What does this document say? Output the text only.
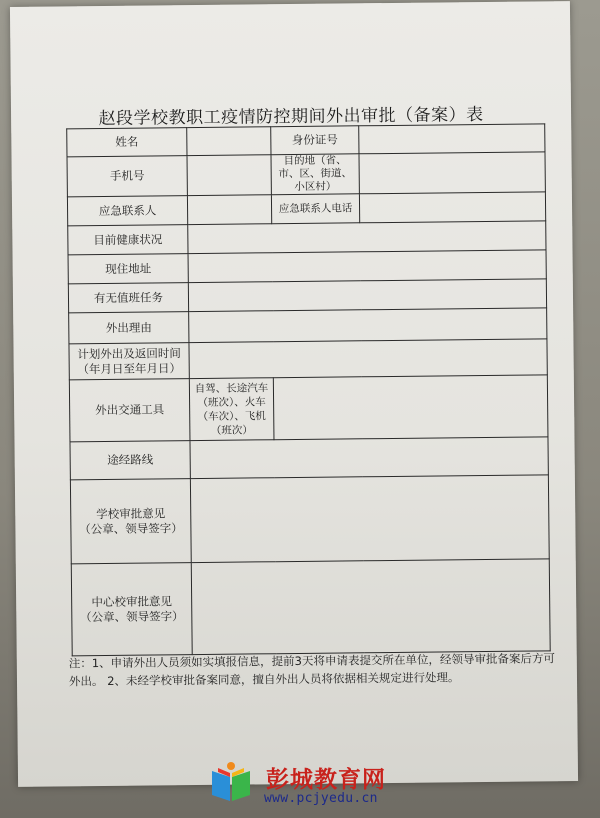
赵段学校教职工疫情防控期间外出审批（备案）表
姓名		身份证号	
手机号		目的地（省、市、区、街道、小区村）	
应急联系人		应急联系人电话	
目前健康状况			
现住地址			
有无值班任务			
外出理由			

计划外出及返回时间
（年月日至年月日）			

外出交通工具	自驾、长途汽车（班次）、火车（车次）、飞机（班次）		
途经路线			

学校审批意见
（公章、领导签字）			

中心校审批意见
（公章、领导签字）			

注：1、申请外出人员须如实填报信息，提前3天将申请表提交所在单位，经领导审批备案后方可外出。 2、未经学校审批备案同意，擅自外出人员将依据相关规定进行处理。
彭城教育网
www.pcjyedu.cn
